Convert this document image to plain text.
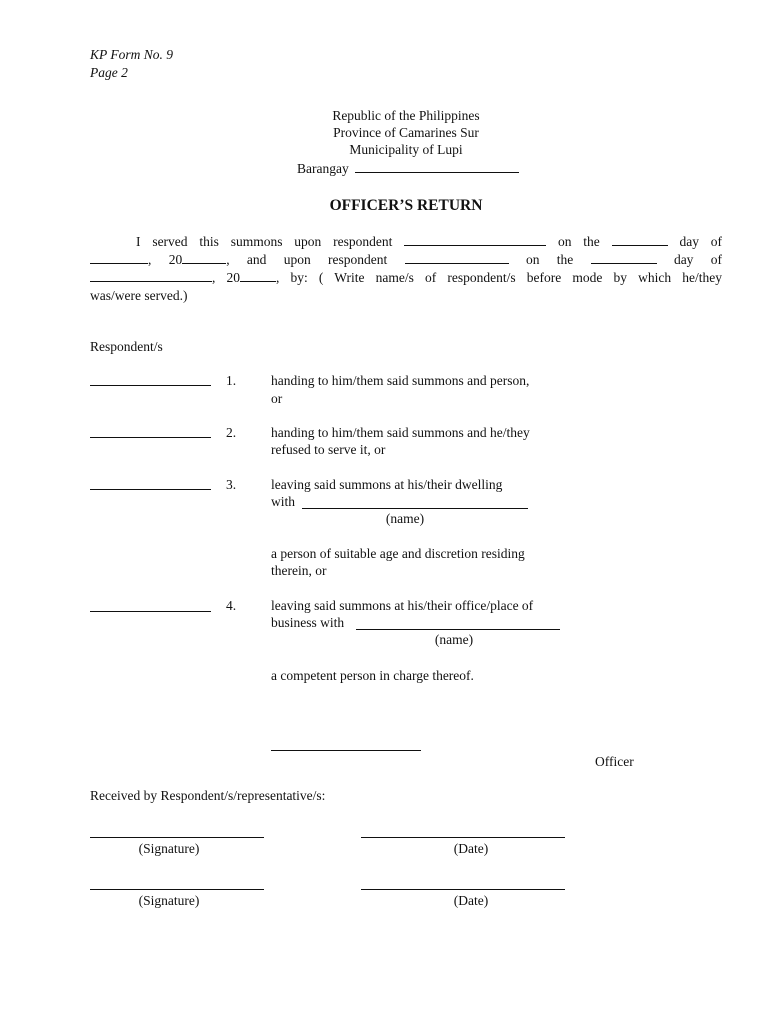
KP Form No. 9
Page 2
Republic of the Philippines
Province of Camarines Sur
Municipality of Lupi
Barangay
OFFICER’S RETURN
I served this summons upon respondent	on the	day of
, 20	, and upon respondent	on the	day of
, 20	, by: ( Write name/s of respondent/s before mode by which he/they
was/were served.)
Respondent/s
1.	handing to him/them said summons and person,
or
2.	handing to him/them said summons and he/they
refused to serve it, or
3.	leaving said summons at his/their dwelling
with
(name)
a person of suitable age and discretion residing
therein, or
4.	leaving said summons at his/their office/place of
business with
(name)
a competent person in charge thereof.
Officer
Received by Respondent/s/representative/s:
(Signature)	(Date)
(Signature)	(Date)
